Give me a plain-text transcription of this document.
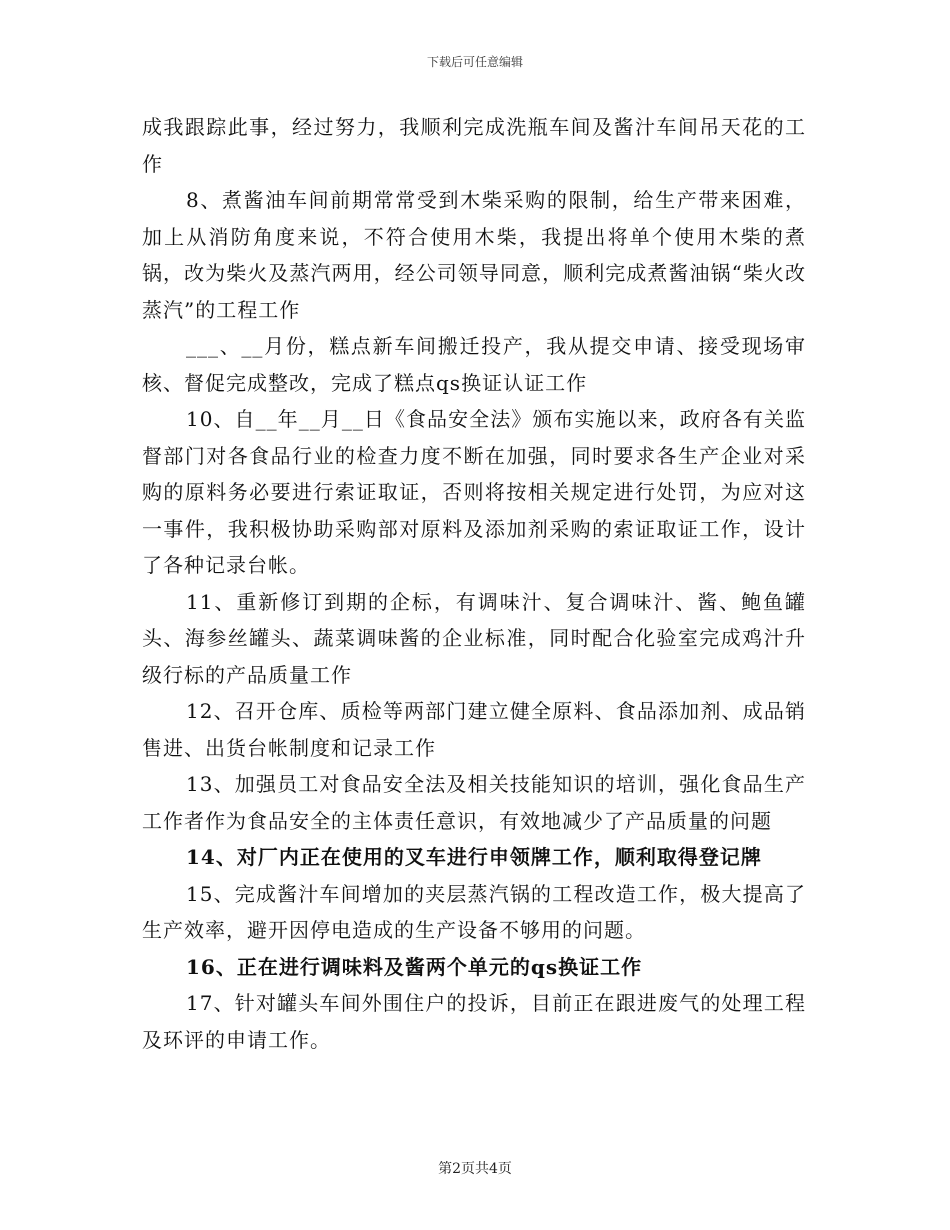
下载后可任意编辑

成我跟踪此事，经过努力，我顺利完成洗瓶车间及酱汁车间吊天花的工作

8、煮酱油车间前期常常受到木柴采购的限制，给生产带来困难，加上从消防角度来说，不符合使用木柴，我提出将单个使用木柴的煮锅，改为柴火及蒸汽两用，经公司领导同意，顺利完成煮酱油锅“柴火改蒸汽”的工程工作

___、__月份，糕点新车间搬迁投产，我从提交申请、接受现场审核、督促完成整改，完成了糕点qs换证认证工作

10、自__年__月__日《食品安全法》颁布实施以来，政府各有关监督部门对各食品行业的检查力度不断在加强，同时要求各生产企业对采购的原料务必要进行索证取证，否则将按相关规定进行处罚，为应对这一事件，我积极协助采购部对原料及添加剂采购的索证取证工作，设计了各种记录台帐。

11、重新修订到期的企标，有调味汁、复合调味汁、酱、鲍鱼罐头、海参丝罐头、蔬菜调味酱的企业标准，同时配合化验室完成鸡汁升级行标的产品质量工作

12、召开仓库、质检等两部门建立健全原料、食品添加剂、成品销售进、出货台帐制度和记录工作

13、加强员工对食品安全法及相关技能知识的培训，强化食品生产工作者作为食品安全的主体责任意识，有效地减少了产品质量的问题

14、对厂内正在使用的叉车进行申领牌工作，顺利取得登记牌

15、完成酱汁车间增加的夹层蒸汽锅的工程改造工作，极大提高了生产效率，避开因停电造成的生产设备不够用的问题。

16、正在进行调味料及酱两个单元的qs换证工作

17、针对罐头车间外围住户的投诉，目前正在跟进废气的处理工程及环评的申请工作。

第2页共4页
